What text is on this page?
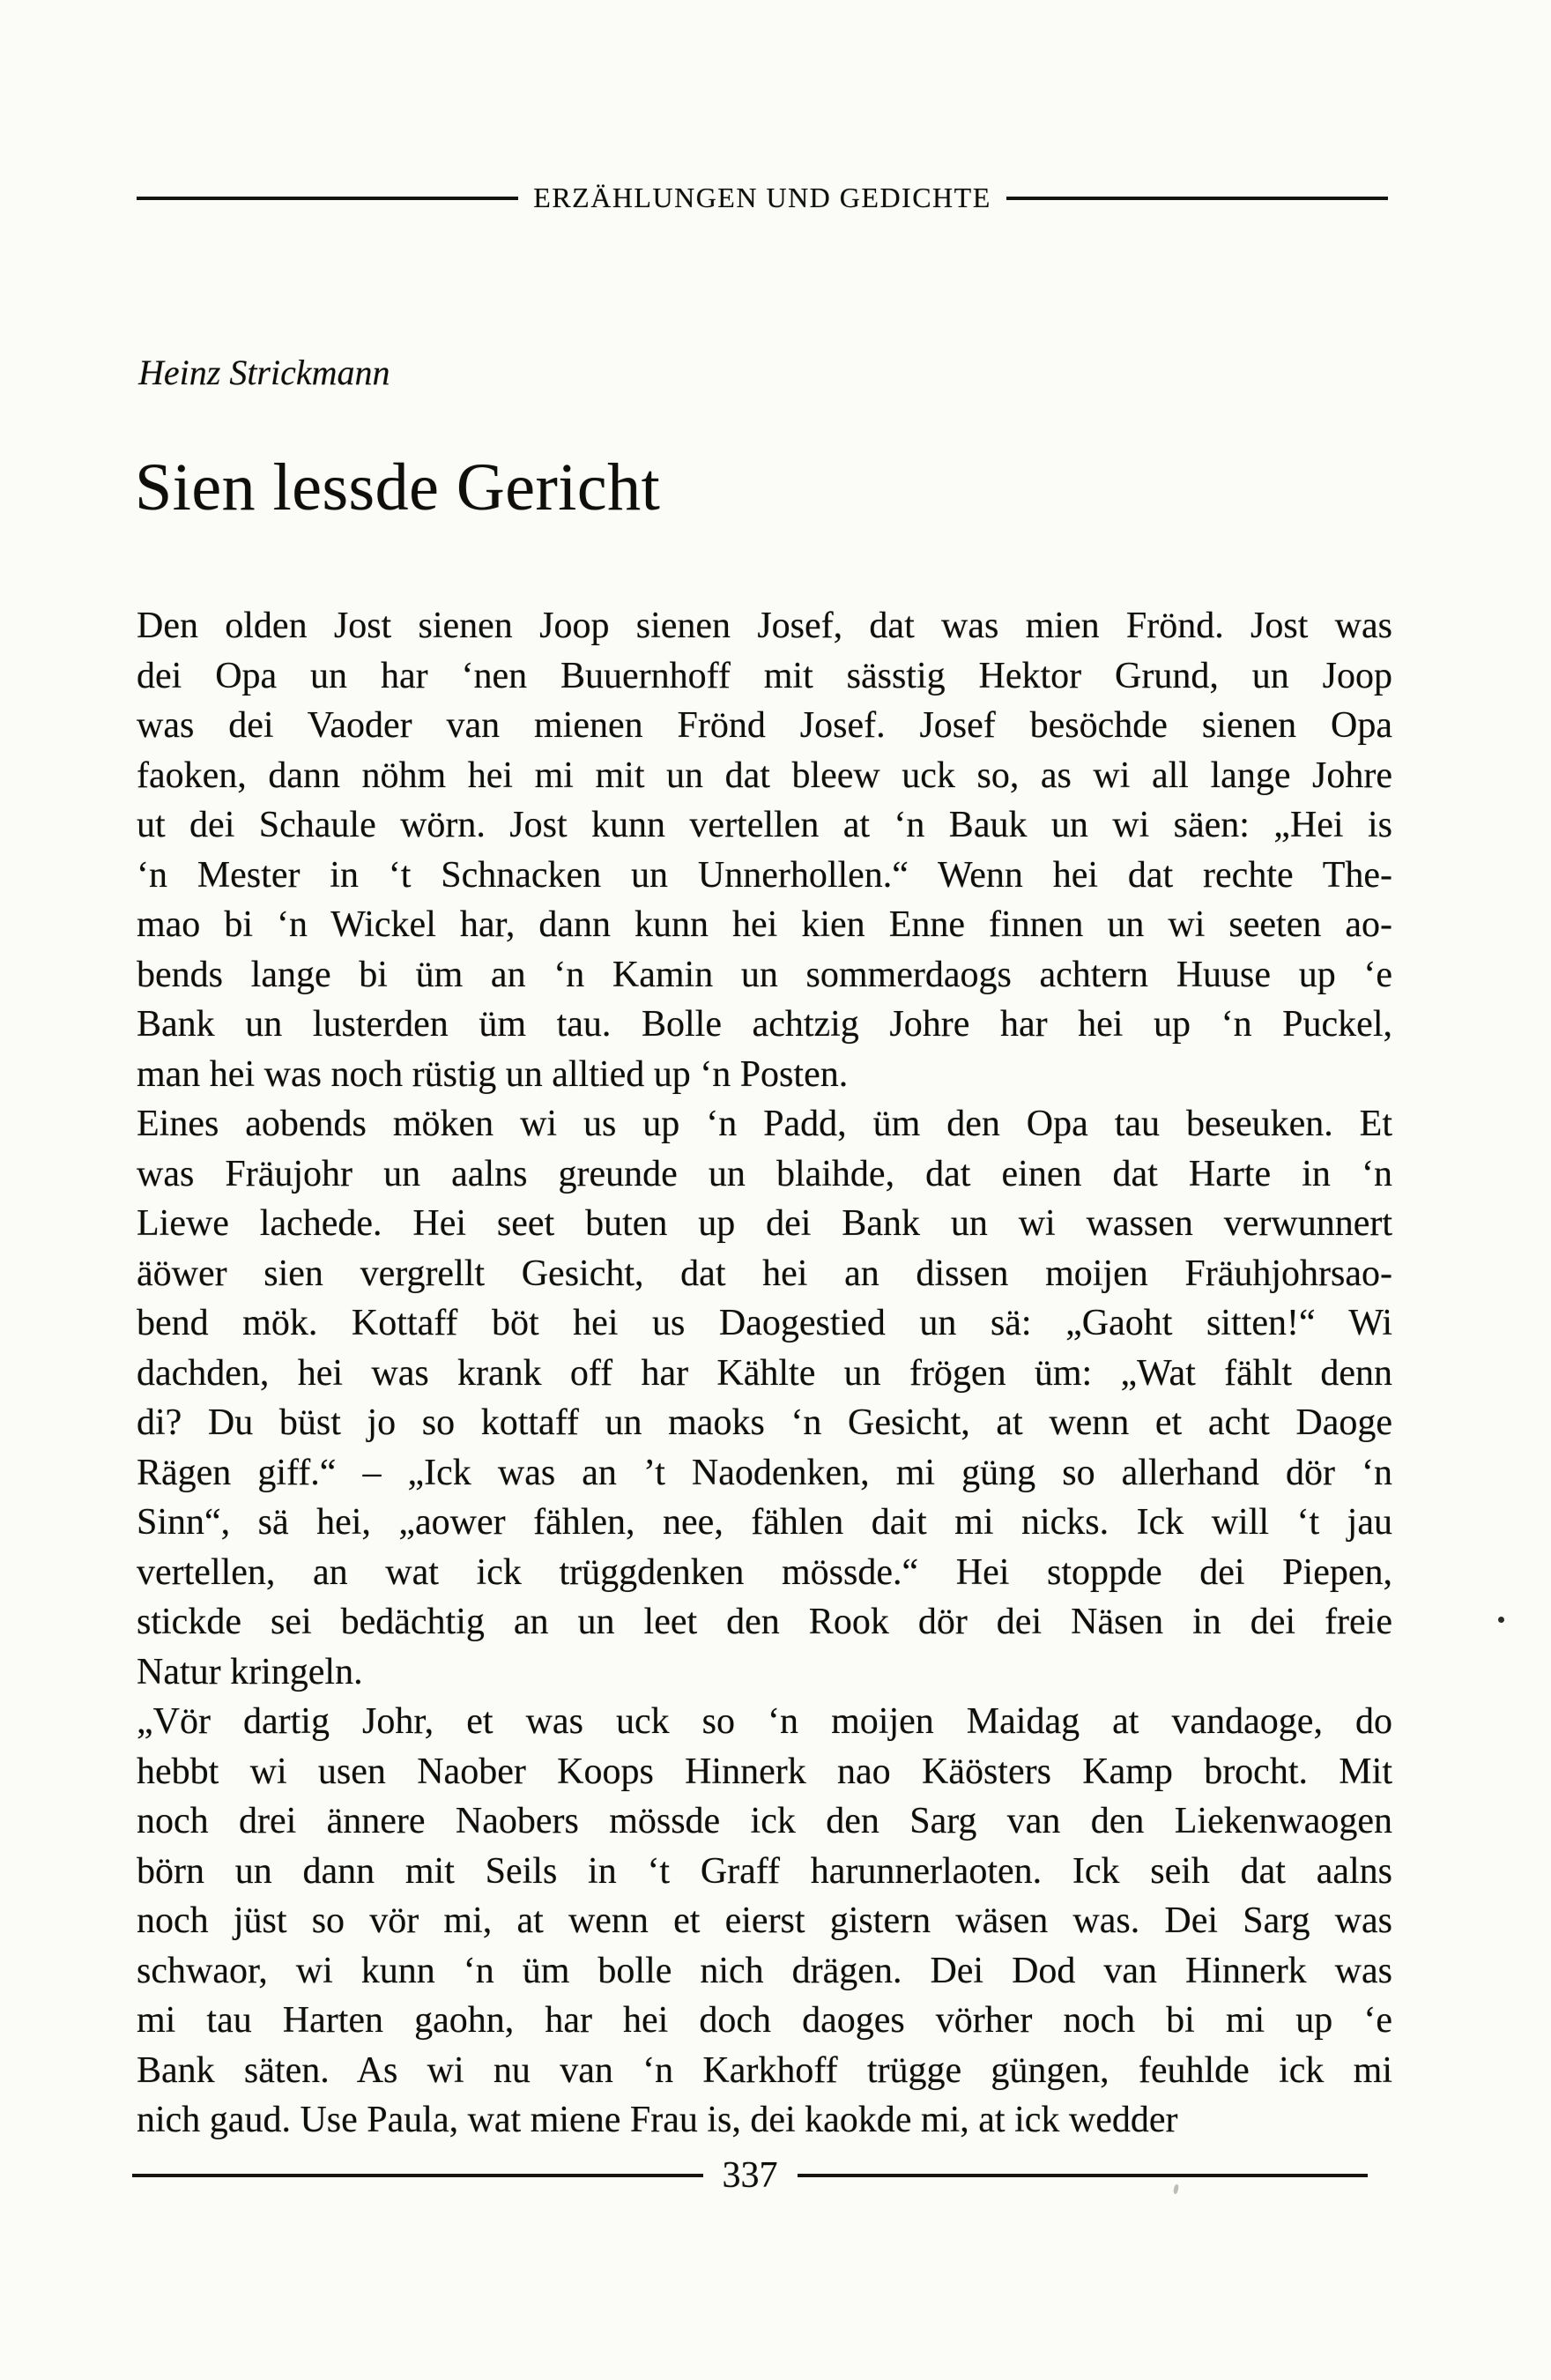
ERZÄHLUNGEN UND GEDICHTE
Heinz Strickmann
Sien lessde Gericht
Den olden Jost sienen Joop sienen Josef, dat was mien Frönd. Jost was
dei Opa un har ‘nen Buuernhoff mit sässtig Hektor Grund, un Joop
was dei Vaoder van mienen Frönd Josef. Josef besöchde sienen Opa
faoken, dann nöhm hei mi mit un dat bleew uck so, as wi all lange Johre
ut dei Schaule wörn. Jost kunn vertellen at ‘n Bauk un wi säen: „Hei is
‘n Mester in ‘t Schnacken un Unnerhollen.“ Wenn hei dat rechte The-
mao bi ‘n Wickel har, dann kunn hei kien Enne finnen un wi seeten ao-
bends lange bi üm an ‘n Kamin un sommerdaogs achtern Huuse up ‘e
Bank un lusterden üm tau. Bolle achtzig Johre har hei up ‘n Puckel,
man hei was noch rüstig un alltied up ‘n Posten.
Eines aobends möken wi us up ‘n Padd, üm den Opa tau beseuken. Et
was Fräujohr un aalns greunde un blaihde, dat einen dat Harte in ‘n
Liewe lachede. Hei seet buten up dei Bank un wi wassen verwunnert
äöwer sien vergrellt Gesicht, dat hei an dissen moijen Fräuhjohrsao-
bend mök. Kottaff böt hei us Daogestied un sä: „Gaoht sitten!“ Wi
dachden, hei was krank off har Kählte un frögen üm: „Wat fählt denn
di? Du büst jo so kottaff un maoks ‘n Gesicht, at wenn et acht Daoge
Rägen giff.“ – „Ick was an ’t Naodenken, mi güng so allerhand dör ‘n
Sinn“, sä hei, „aower fählen, nee, fählen dait mi nicks. Ick will ‘t jau
vertellen, an wat ick trüggdenken mössde.“ Hei stoppde dei Piepen,
stickde sei bedächtig an un leet den Rook dör dei Näsen in dei freie
Natur kringeln.
„Vör dartig Johr, et was uck so ‘n moijen Maidag at vandaoge, do
hebbt wi usen Naober Koops Hinnerk nao Käösters Kamp brocht. Mit
noch drei ännere Naobers mössde ick den Sarg van den Liekenwaogen
börn un dann mit Seils in ‘t Graff harunnerlaoten. Ick seih dat aalns
noch jüst so vör mi, at wenn et eierst gistern wäsen was. Dei Sarg was
schwaor, wi kunn ‘n üm bolle nich drägen. Dei Dod van Hinnerk was
mi tau Harten gaohn, har hei doch daoges vörher noch bi mi up ‘e
Bank säten. As wi nu van ‘n Karkhoff trügge güngen, feuhlde ick mi
nich gaud. Use Paula, wat miene Frau is, dei kaokde mi, at ick wedder
337
